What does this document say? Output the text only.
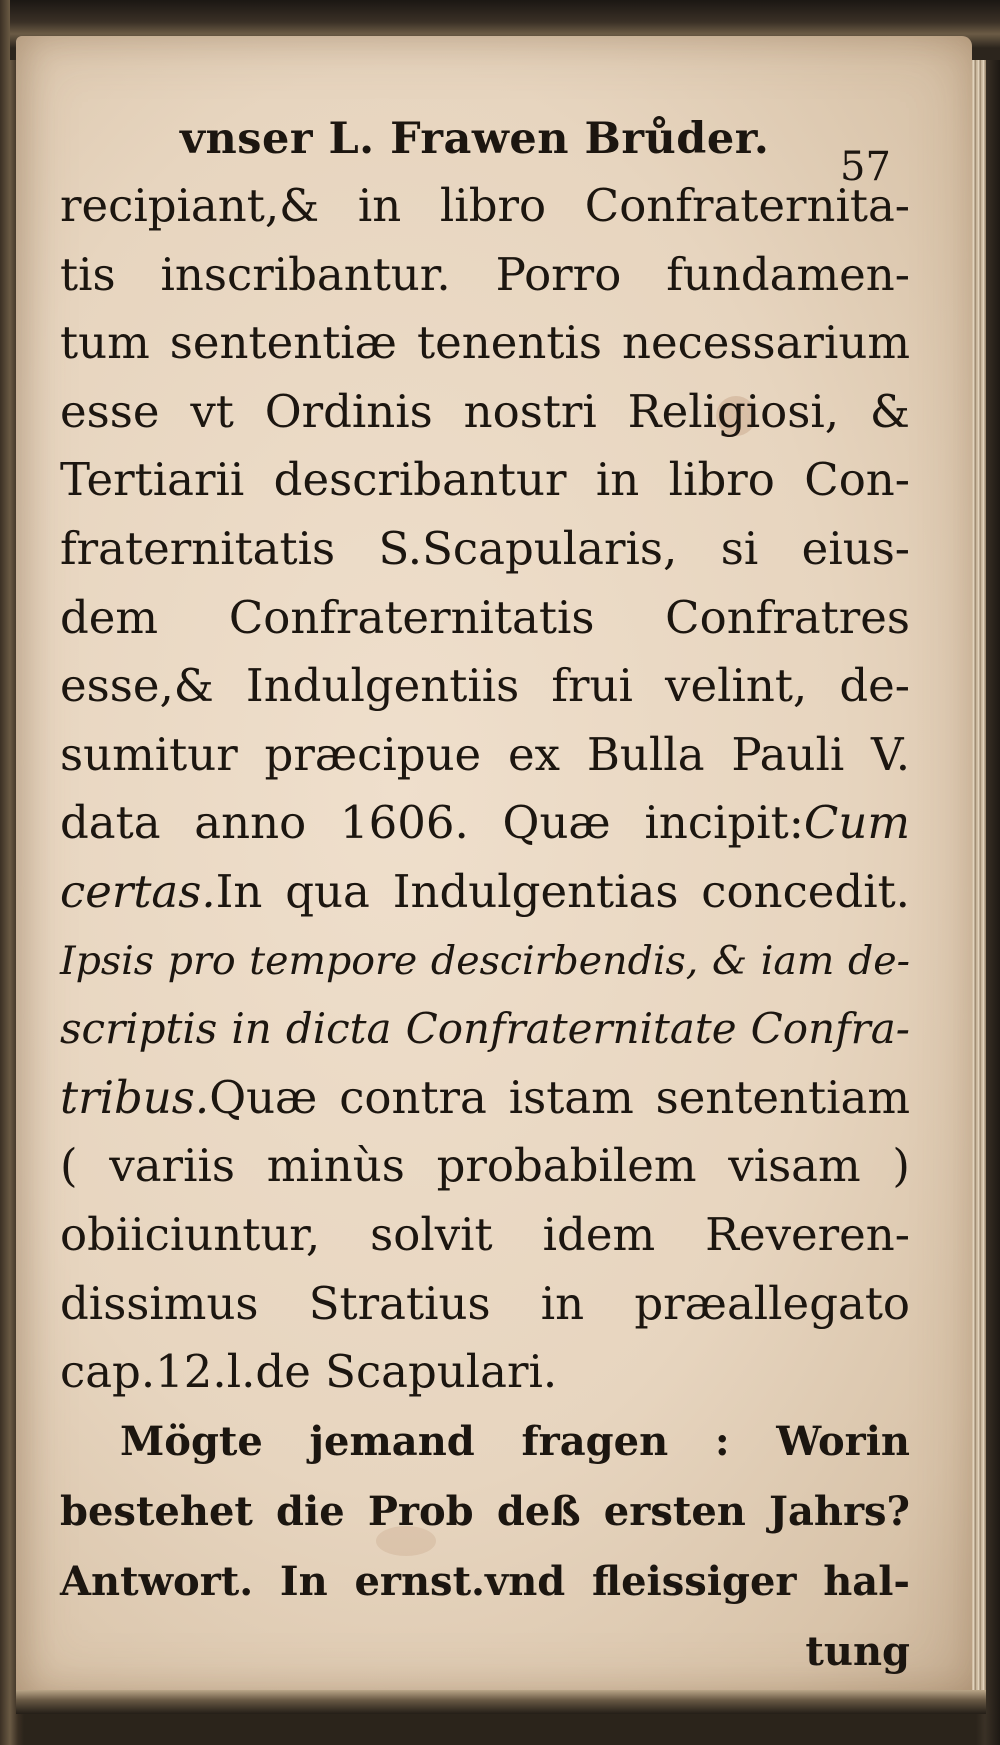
vnser L. Frawen Brůder.
57
recipiant,& in libro Confraternita-
tis inscribantur. Porro fundamen-
tum sententiæ tenentis necessarium
esse vt Ordinis nostri Religiosi, &
Tertiarii describantur in libro Con-
fraternitatis S.Scapularis, si eius-
dem Confraternitatis Confratres
esse,& Indulgentiis frui velint, de-
sumitur præcipue ex Bulla Pauli V.
data anno 1606. Quæ incipit:Cum
certas.In qua Indulgentias concedit.
Ipsis pro tempore descirbendis, & iam de-
scriptis in dicta Confraternitate Confra-
tribus.Quæ contra istam sententiam
( variis minùs probabilem visam )
obiiciuntur, solvit idem Reveren-
dissimus Stratius in præallegato
cap.12.l.de Scapulari.
Mögte jemand fragen : Worin
bestehet die Prob deß ersten Jahrs?
Antwort. In ernst.vnd fleissiger hal-
tung
